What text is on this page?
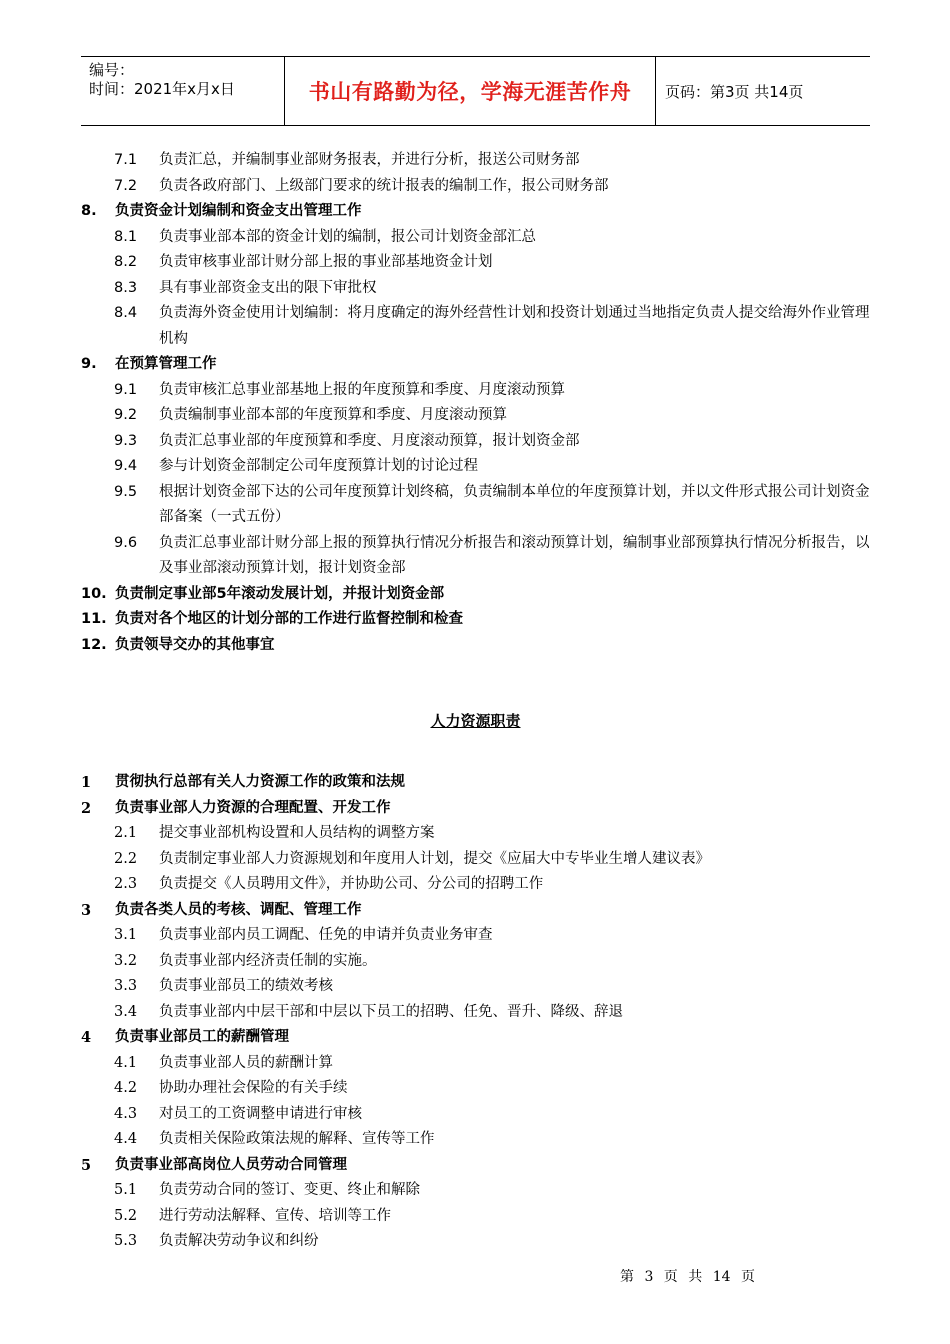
编号：
时间：2021年x月x日	书山有路勤为径，学海无涯苦作舟	页码：第3页 共14页
7.1	负责汇总，并编制事业部财务报表，并进行分析，报送公司财务部
7.2	负责各政府部门、上级部门要求的统计报表的编制工作，报公司财务部
8.	负责资金计划编制和资金支出管理工作
8.1	负责事业部本部的资金计划的编制，报公司计划资金部汇总
8.2	负责审核事业部计财分部上报的事业部基地资金计划
8.3	具有事业部资金支出的限下审批权
8.4	负责海外资金使用计划编制：将月度确定的海外经营性计划和投资计划通过当地指定负责人提交给海外作业管理机构
9.	在预算管理工作
9.1	负责审核汇总事业部基地上报的年度预算和季度、月度滚动预算
9.2	负责编制事业部本部的年度预算和季度、月度滚动预算
9.3	负责汇总事业部的年度预算和季度、月度滚动预算，报计划资金部
9.4	参与计划资金部制定公司年度预算计划的讨论过程
9.5	根据计划资金部下达的公司年度预算计划终稿，负责编制本单位的年度预算计划，并以文件形式报公司计划资金部备案（一式五份）
9.6	负责汇总事业部计财分部上报的预算执行情况分析报告和滚动预算计划，编制事业部预算执行情况分析报告，以及事业部滚动预算计划，报计划资金部
10. 负责制定事业部5年滚动发展计划，并报计划资金部
11. 负责对各个地区的计划分部的工作进行监督控制和检查
12. 负责领导交办的其他事宜
人力资源职责
1	贯彻执行总部有关人力资源工作的政策和法规
2	负责事业部人力资源的合理配置、开发工作
2.1	提交事业部机构设置和人员结构的调整方案
2.2	负责制定事业部人力资源规划和年度用人计划，提交《应届大中专毕业生增人建议表》
2.3	负责提交《人员聘用文件》，并协助公司、分公司的招聘工作
3	负责各类人员的考核、调配、管理工作
3.1	负责事业部内员工调配、任免的申请并负责业务审查
3.2	负责事业部内经济责任制的实施。
3.3	负责事业部员工的绩效考核
3.4	负责事业部内中层干部和中层以下员工的招聘、任免、晋升、降级、辞退
4	负责事业部员工的薪酬管理
4.1	负责事业部人员的薪酬计算
4.2	协助办理社会保险的有关手续
4.3	对员工的工资调整申请进行审核
4.4	负责相关保险政策法规的解释、宣传等工作
5	负责事业部高岗位人员劳动合同管理
5.1	负责劳动合同的签订、变更、终止和解除
5.2	进行劳动法解释、宣传、培训等工作
5.3	负责解决劳动争议和纠纷
第 3 页 共 14 页
